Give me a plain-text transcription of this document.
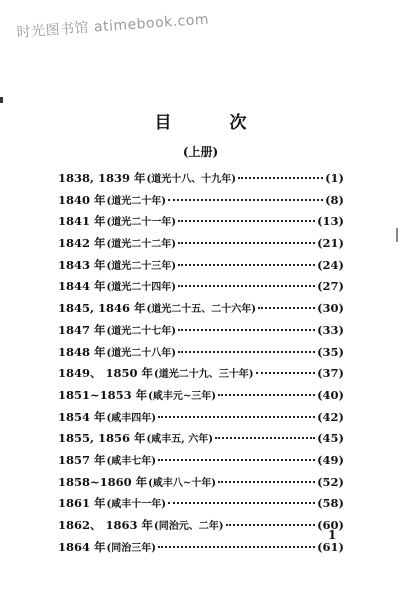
时光图书馆 atimebook.com
目 次
(上册)
1838, 1839 年 (道光十八、十九年)	(1)
1840 年 (道光二十年)	(8)
1841 年 (道光二十一年)	(13)
1842 年 (道光二十二年)	(21)
1843 年 (道光二十三年)	(24)
1844 年 (道光二十四年)	(27)
1845, 1846 年 (道光二十五、二十六年)	(30)
1847 年 (道光二十七年)	(33)
1848 年 (道光二十八年)	(35)
1849、 1850 年 (道光二十九、三十年)	(37)
1851~1853 年 (咸丰元~三年)	(40)
1854 年 (咸丰四年)	(42)
1855, 1856 年 (咸丰五, 六年)	(45)
1857 年 (咸丰七年)	(49)
1858~1860 年 (咸丰八~十年)	(52)
1861 年 (咸丰十一年)	(58)
1862、 1863 年 (同治元、二年)	(60)
1864 年 (同治三年)	(61)
1
